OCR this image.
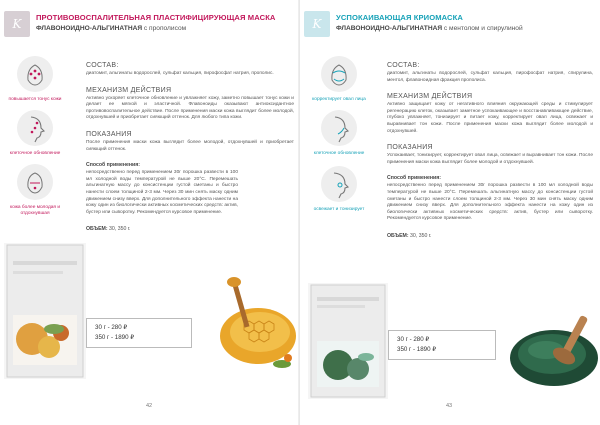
K ПРОТИВОВОСПАЛИТЕЛЬНАЯ ПЛАСТИФИЦИРУЮЩАЯ МАСКА
ФЛАВОНОИДНО-АЛЬГИНАТНАЯ с прополисом
повышается тонус кожи
клеточное обновление
кожа более молодая и отдохнувшая
СОСТАВ:
диатомит, альгинаты водорослей, сульфат кальция, пирофосфат натрия, прополис.
МЕХАНИЗМ ДЕЙСТВИЯ
Активно ускоряет клеточное обновление и увлажняет кожу, заметно повышает тонус кожи и делает ее мягкой и эластичной. Флавоноиды оказывают антиоксидантное противовоспалительное действие. После применения маски кожа выглядит более молодой, отдохнувшей и приобретает сияющий оттенок. Для любого типа кожи.
ПОКАЗАНИЯ
После применения маски кожа выглядит более молодой, отдохнувшей и приобретает сияющий оттенок.
Способ применения:
непосредственно перед применением 30г порошка развести в 100 мл холодной воды температурой не выше 20°C. Перемешать альгинатную массу до консистенции густой сметаны и быстро нанести слоем толщиной 2-3 мм. Через 30 мин снять маску одним движением снизу вверх. Для дополнительного эффекта нанести на кожу один из биологически активных косметических средств: актив, бустер или сыворотку. Рекомендуется курсовое применение.
ОБЪЕМ: 30, 350 г.
30 г - 280 ₽
350 г - 1890 ₽
42
K УСПОКАИВАЮЩАЯ КРИОМАСКА
ФЛАВОНОИДНО-АЛЬГИНАТНАЯ с ментолом и спирулиной
корректирует овал лица
клеточное обновление
освежает и тонизирует
СОСТАВ:
диатомит, альгинаты водорослей, сульфат кальция, пирофосфат натрия, спирулина, ментол, флавоноидная фракция прополиса.
МЕХАНИЗМ ДЕЙСТВИЯ
Активно защищает кожу от негативного влияния окружающей среды и стимулирует регенерацию клеток, оказывает заметное успокаивающее и восстанавливающее действие, глубоко увлажняет, тонизирует и питает кожу, корректирует овал лица, освежает и выравнивает тон кожи. После применения маски кожа выглядит более молодой и отдохнувшей.
ПОКАЗАНИЯ
Успокаивает, тонизирует, корректирует овал лица, освежает и выравнивает тон кожи. После применения маски кожа выглядит более молодой и отдохнувшей.
Способ применения:
непосредственно перед применением 30г порошка развести в 100 мл холодной воды температурой не выше 20°C. Перемешать альгинатную массу до консистенции густой сметаны и быстро нанести слоем толщиной 2-3 мм. Через 30 мин снять маску одним движением снизу вверх. Для дополнительного эффекта нанести на кожу один из биологически активных косметических средств: актив, бустер или сыворотку. Рекомендуется курсовое применение.
ОБЪЕМ: 30, 350 г.
30 г - 280 ₽
350 г - 1890 ₽
43
